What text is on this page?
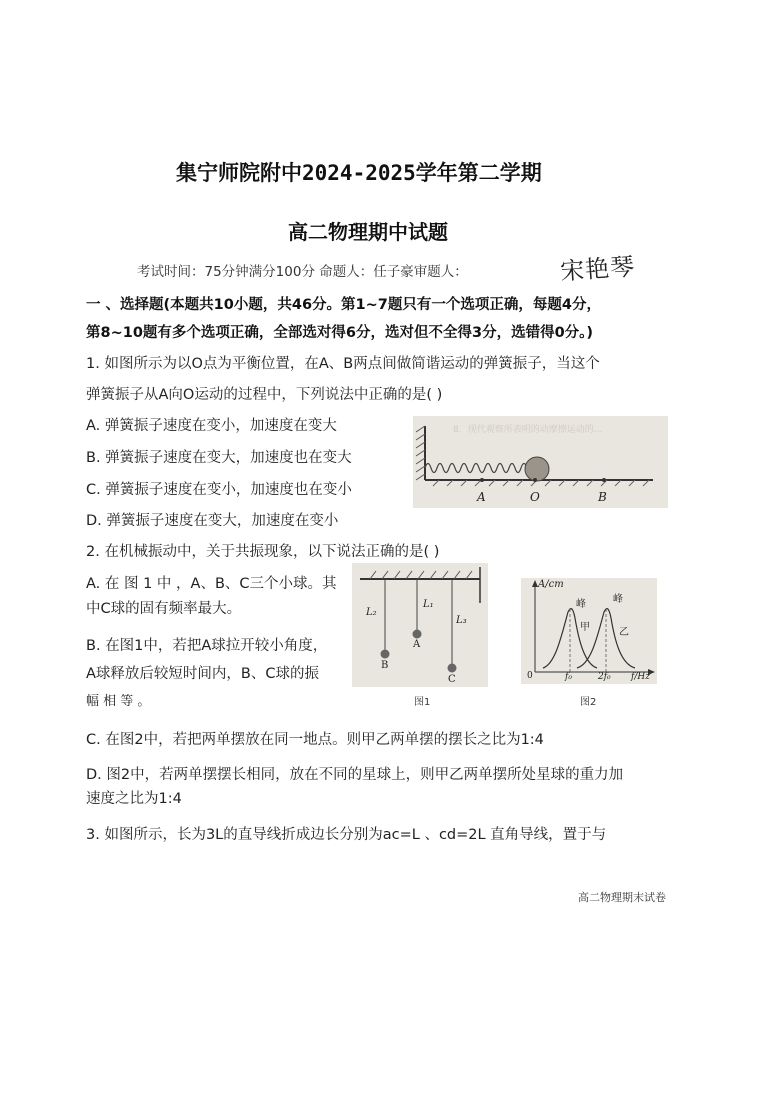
集宁师院附中2024-2025学年第二学期
高二物理期中试题
考试时间：75分钟满分100分 命题人：任子豪审题人：	宋艳琴
一 、选择题(本题共10小题，共46分。第1~7题只有一个选项正确，每题4分，
第8~10题有多个选项正确，全部选对得6分，选对但不全得3分，选错得0分。)
1. 如图所示为以O点为平衡位置，在A、B两点间做简谐运动的弹簧振子，当这个
弹簧振子从A向O运动的过程中，下列说法中正确的是( )
A. 弹簧振子速度在变小，加速度在变大
B. 弹簧振子速度在变大，加速度也在变大
C. 弹簧振子速度在变小，加速度也在变小
D. 弹簧振子速度在变大，加速度在变小
8．现代观察所表明的动摩擦运动的...
A	O	B
2. 在机械振动中，关于共振现象，以下说法正确的是( )
A. 在 图 1 中 ，A、B、C三个小球。其
中C球的固有频率最大。
B. 在图1中，若把A球拉开较小角度，
A球释放后较短时间内，B、C球的振
幅 相 等 。
L₂
L₁
L₃
A
B
C
图1
A/cm
峰	峰
甲	乙
0	f₀	2f₀ f/Hz
图2
C. 在图2中，若把两单摆放在同一地点。则甲乙两单摆的摆长之比为1:4
D. 图2中，若两单摆摆长相同，放在不同的星球上，则甲乙两单摆所处星球的重力加
速度之比为1:4
3. 如图所示，长为3L的直导线折成边长分别为ac=L 、cd=2L 直角导线，置于与
高二物理期末试卷
